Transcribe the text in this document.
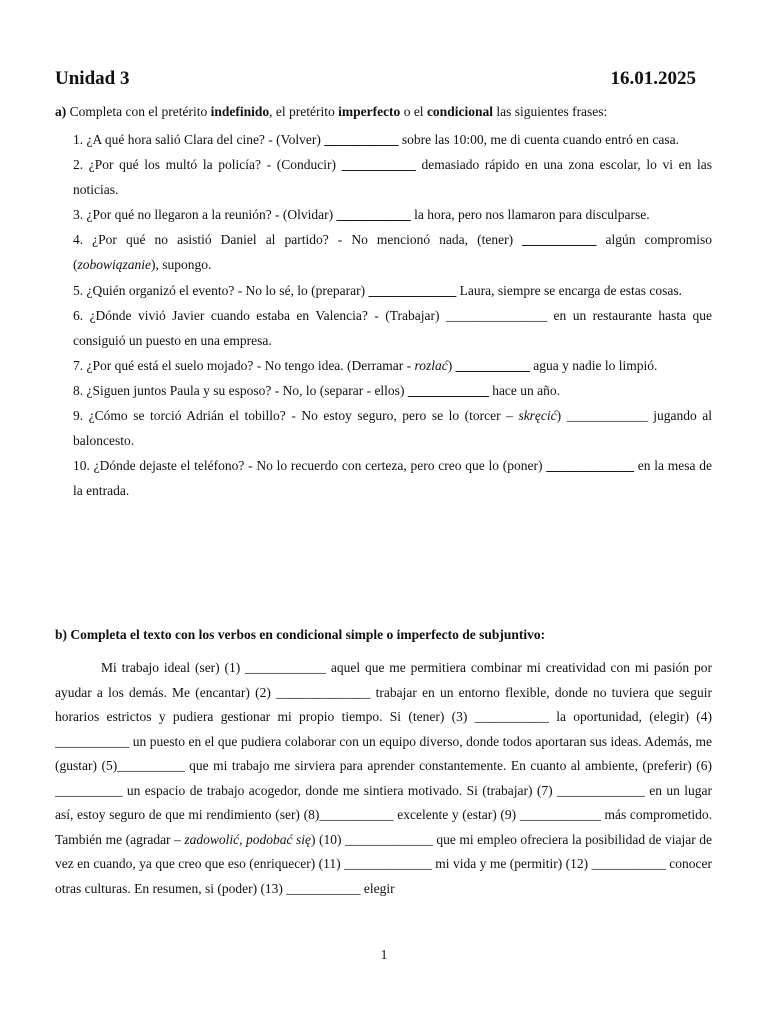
Unidad 3	16.01.2025
a) Completa con el pretérito indefinido, el pretérito imperfecto o el condicional las siguientes frases:
1. ¿A qué hora salió Clara del cine? - (Volver) ___________ sobre las 10:00, me di cuenta cuando entró en casa.
2. ¿Por qué los multó la policía? - (Conducir) ___________ demasiado rápido en una zona escolar, lo vi en las noticias.
3. ¿Por qué no llegaron a la reunión? - (Olvidar) ___________ la hora, pero nos llamaron para disculparse.
4. ¿Por qué no asistió Daniel al partido? - No mencionó nada, (tener) ___________ algún compromiso (zobowiązanie), supongo.
5. ¿Quién organizó el evento? - No lo sé, lo (preparar) _____________ Laura, siempre se encarga de estas cosas.
6. ¿Dónde vivió Javier cuando estaba en Valencia? - (Trabajar) _______________ en un restaurante hasta que consiguió un puesto en una empresa.
7. ¿Por qué está el suelo mojado? - No tengo idea. (Derramar - rozlać) ___________ agua y nadie lo limpió.
8. ¿Siguen juntos Paula y su esposo? - No, lo (separar - ellos) ____________ hace un año.
9. ¿Cómo se torció Adrián el tobillo? - No estoy seguro, pero se lo (torcer – skręcić) ____________ jugando al baloncesto.
10. ¿Dónde dejaste el teléfono? - No lo recuerdo con certeza, pero creo que lo (poner) _____________ en la mesa de la entrada.
b) Completa el texto con los verbos en condicional simple o imperfecto de subjuntivo:

Mi trabajo ideal (ser) (1) ____________ aquel que me permitiera combinar mi creatividad con mi pasión por ayudar a los demás. Me (encantar) (2) ______________ trabajar en un entorno flexible, donde no tuviera que seguir horarios estrictos y pudiera gestionar mi propio tiempo. Si (tener) (3) ___________ la oportunidad, (elegir) (4) ___________ un puesto en el que pudiera colaborar con un equipo diverso, donde todos aportaran sus ideas. Además, me (gustar) (5)__________ que mi trabajo me sirviera para aprender constantemente. En cuanto al ambiente, (preferir) (6) __________ un espacio de trabajo acogedor, donde me sintiera motivado. Si (trabajar) (7) _____________ en un lugar así, estoy seguro de que mi rendimiento (ser) (8)___________ excelente y (estar) (9) ____________ más comprometido. También me (agradar – zadowolić, podobać się) (10) _____________ que mi empleo ofreciera la posibilidad de viajar de vez en cuando, ya que creo que eso (enriquecer) (11) _____________ mi vida y me (permitir) (12) ___________ conocer otras culturas. En resumen, si (poder) (13) ___________ elegir

1
